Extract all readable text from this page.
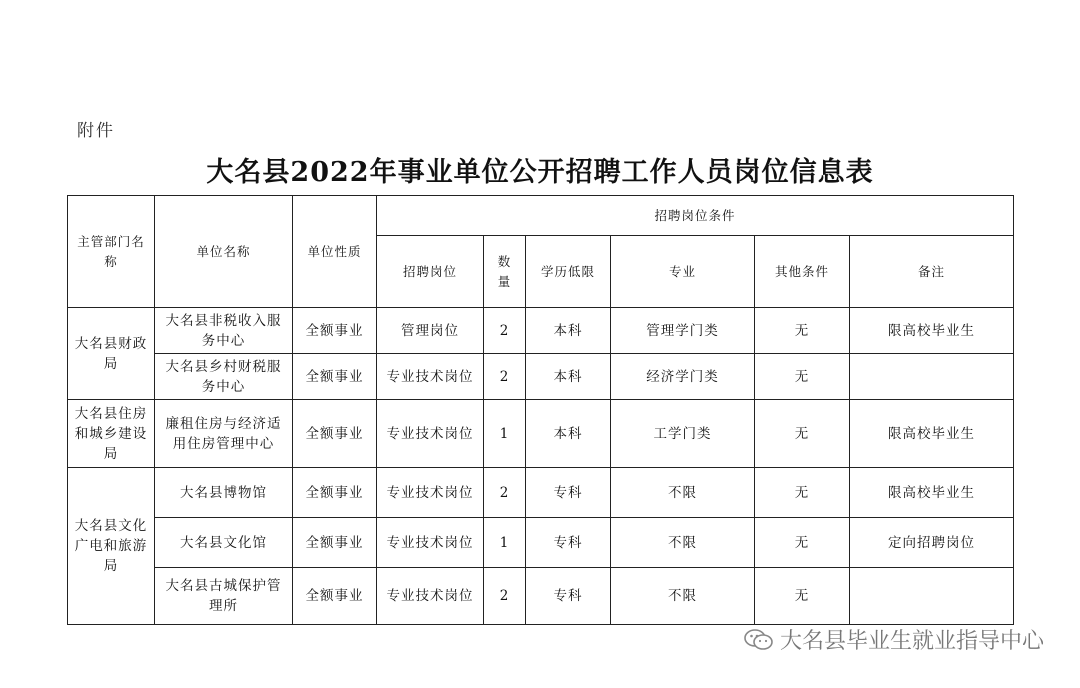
附件
大名县2022年事业单位公开招聘工作人员岗位信息表
主管部门名称	单位名称	单位性质	招聘岗位条件					
			招聘岗位	数量	学历低限	专业	其他条件	备注
大名县财政局	大名县非税收入服务中心	全额事业	管理岗位	2	本科	管理学门类	无	限高校毕业生
	大名县乡村财税服务中心	全额事业	专业技术岗位	2	本科	经济学门类	无	
大名县住房和城乡建设局	廉租住房与经济适用住房管理中心	全额事业	专业技术岗位	1	本科	工学门类	无	限高校毕业生
大名县文化广电和旅游局	大名县博物馆	全额事业	专业技术岗位	2	专科	不限	无	限高校毕业生
	大名县文化馆	全额事业	专业技术岗位	1	专科	不限	无	定向招聘岗位
	大名县古城保护管理所	全额事业	专业技术岗位	2	专科	不限	无	
大名县毕业生就业指导中心
